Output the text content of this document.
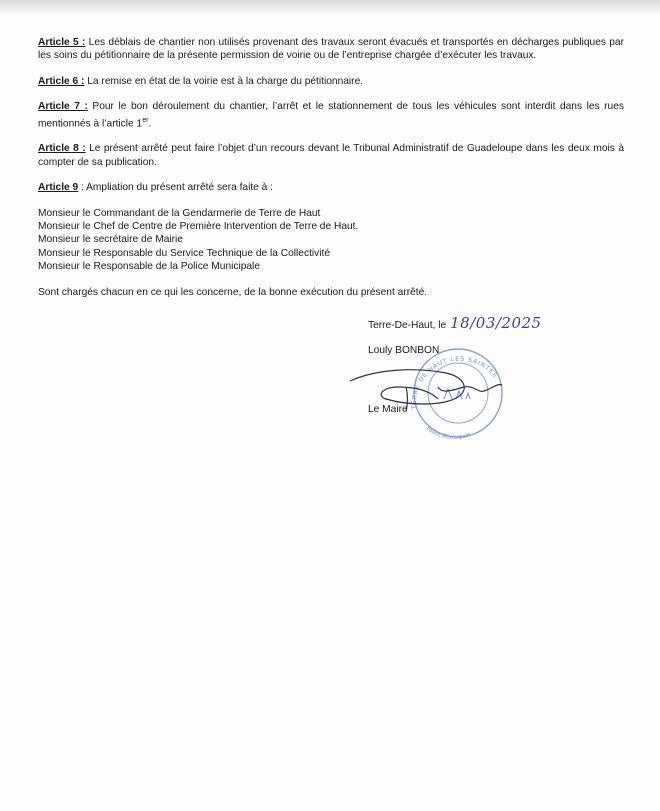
Article 5 : Les déblais de chantier non utilisés provenant des travaux seront évacués et transportés en décharges publiques par les soins du pétitionnaire de la présente permission de voirie ou de l’entreprise chargée d’exécuter les travaux.

Article 6 : La remise en état de la voirie est à la charge du pétitionnaire.

Article 7 : Pour le bon déroulement du chantier, l’arrêt et le stationnement de tous les véhicules sont interdit dans les rues mentionnés à l’article 1er.

Article 8 : Le présent arrêté peut faire l’objet d’un recours devant le Tribunal Administratif de Guadeloupe dans les deux mois à compter de sa publication.

Article 9 : Ampliation du présent arrêté sera faite à :

Monsieur le Commandant de la Gendarmerie de Terre de Haut
Monsieur le Chef de Centre de Première Intervention de Terre de Haut.
Monsieur le secrétaire de Mairie
Monsieur le Responsable du Service Technique de la Collectivité
Monsieur le Responsable de la Police Municipale

Sont chargés chacun en ce qui les concerne, de la bonne exécution du présent arrêté.

Terre-De-Haut, le 18/03/2025
Louly BONBON
TERRE DE HAUT LES SAINTES
Police Municipale
Le Maire
